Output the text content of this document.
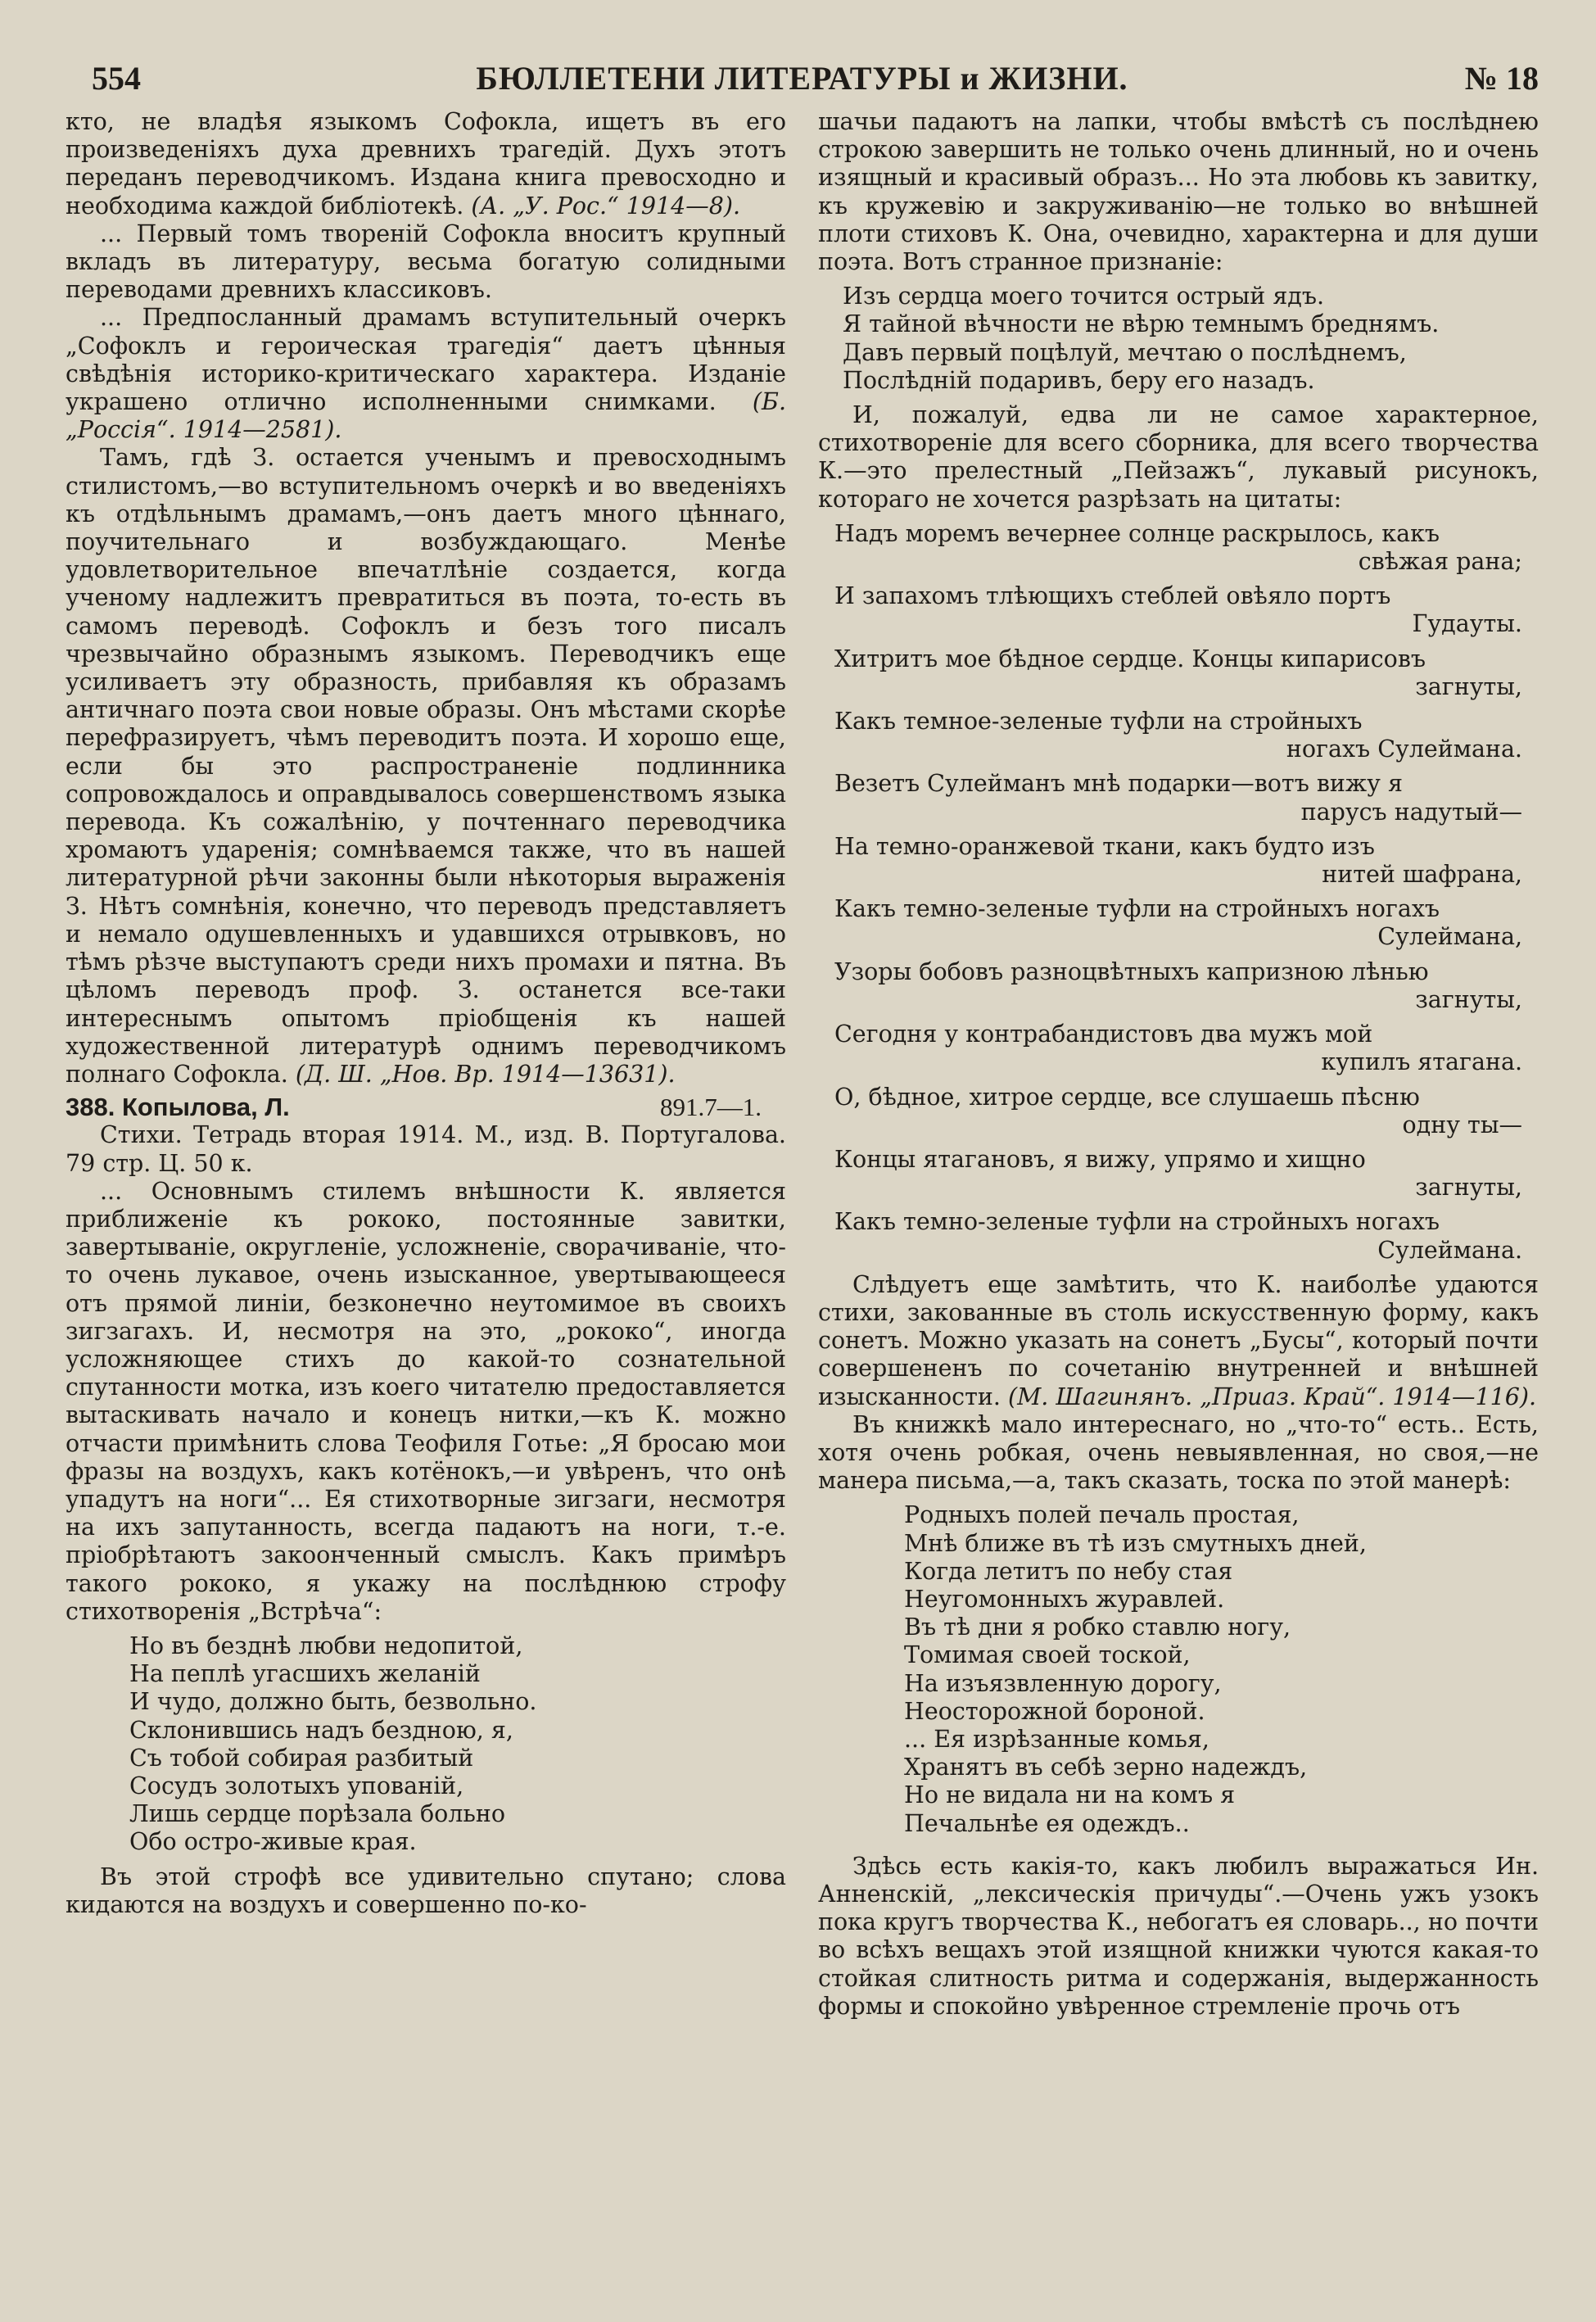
554	БЮЛЛЕТЕНИ ЛИТЕРАТУРЫ и ЖИЗНИ.	№ 18

кто, не владѣя языкомъ Софокла, ищетъ въ его произведеніяхъ духа древнихъ трагедій. Духъ этотъ переданъ переводчикомъ. Издана книга превосходно и необходима каждой библіотекѣ. (А. „У. Рос.“ 1914—8).

... Первый томъ твореній Софокла вноситъ крупный вкладъ въ литературу, весьма богатую солидными переводами древнихъ классиковъ.

... Предпосланный драмамъ вступительный очеркъ „Софоклъ и героическая трагедія“ даетъ цѣнныя свѣдѣнія историко-критическаго характера. Изданіе украшено отлично исполненными снимками. (Б. „Россія“. 1914—2581).

Тамъ, гдѣ З. остается ученымъ и превосходнымъ стилистомъ,—во вступительномъ очеркѣ и во введеніяхъ къ отдѣльнымъ драмамъ,—онъ даетъ много цѣннаго, поучительнаго и возбуждающаго. Менѣе удовлетворительное впечатлѣніе создается, когда ученому надлежитъ превратиться въ поэта, то-есть въ самомъ переводѣ. Софоклъ и безъ того писалъ чрезвычайно образнымъ языкомъ. Переводчикъ еще усиливаетъ эту образность, прибавляя къ образамъ античнаго поэта свои новые образы. Онъ мѣстами скорѣе перефразируетъ, чѣмъ переводитъ поэта. И хорошо еще, если бы это распространеніе подлинника сопровождалось и оправдывалось совершенствомъ языка перевода. Къ сожалѣнію, у почтеннаго переводчика хромаютъ ударенія; сомнѣваемся также, что въ нашей литературной рѣчи законны были нѣкоторыя выраженія З. Нѣтъ сомнѣнія, конечно, что переводъ представляетъ и немало одушевленныхъ и удавшихся отрывковъ, но тѣмъ рѣзче выступаютъ среди нихъ промахи и пятна. Въ цѣломъ переводъ проф. З. останется все-таки интереснымъ опытомъ пріобщенія къ нашей художественной литературѣ однимъ переводчикомъ полнаго Софокла. (Д. Ш. „Нов. Вр. 1914—13631).

388. Копылова, Л.	891.7—1.

Стихи. Тетрадь вторая 1914. М., изд. В. Португалова. 79 стр. Ц. 50 к.

... Основнымъ стилемъ внѣшности К. является приближеніе къ рококо, постоянные завитки, завертываніе, округленіе, усложненіе, сворачиваніе, что-то очень лукавое, очень изысканное, увертывающееся отъ прямой линіи, безконечно неутомимое въ своихъ зигзагахъ. И, несмотря на это, „рококо“, иногда усложняющее стихъ до какой-то сознательной спутанности мотка, изъ коего читателю предоставляется вытаскивать начало и конецъ нитки,—къ К. можно отчасти примѣнить слова Теофиля Готье: „Я бросаю мои фразы на воздухъ, какъ котёнокъ,—и увѣренъ, что онѣ упадутъ на ноги“... Ея стихотворные зигзаги, несмотря на ихъ запутанность, всегда падаютъ на ноги, т.-е. пріобрѣтаютъ закоонченный смыслъ. Какъ примѣръ такого рококо, я укажу на послѣднюю строфу стихотворенія „Встрѣча“:

Но въ безднѣ любви недопитой,
На пеплѣ угасшихъ желаній
И чудо, должно быть, безвольно.
Склонившись надъ бездною, я,
Съ тобой собирая разбитый
Сосудъ золотыхъ упованій,
Лишь сердце порѣзала больно
Обо остро-живые края.

Въ этой строфѣ все удивительно спутано; слова кидаются на воздухъ и совершенно по-ко-

шачьи падаютъ на лапки, чтобы вмѣстѣ съ послѣднею строкою завершить не только очень длинный, но и очень изящный и красивый образъ... Но эта любовь къ завитку, къ кружевію и закруживанію—не только во внѣшней плоти стиховъ К. Она, очевидно, характерна и для души поэта. Вотъ странное признаніе:

Изъ сердца моего точится острый ядъ.
Я тайной вѣчности не вѣрю темнымъ бреднямъ.
Давъ первый поцѣлуй, мечтаю о послѣднемъ,
Послѣдній подаривъ, беру его назадъ.

И, пожалуй, едва ли не самое характерное, стихотвореніе для всего сборника, для всего творчества К.—это прелестный „Пейзажъ“, лукавый рисунокъ, котораго не хочется разрѣзать на цитаты:

Надъ моремъ вечернее солнце раскрылось, какъ
свѣжая рана;
И запахомъ тлѣющихъ стеблей овѣяло портъ
Гудауты.
Хитритъ мое бѣдное сердце. Концы кипарисовъ
загнуты,
Какъ темное-зеленые туфли на стройныхъ
ногахъ Сулеймана.
Везетъ Сулейманъ мнѣ подарки—вотъ вижу я
парусъ надутый—
На темно-оранжевой ткани, какъ будто изъ
нитей шафрана,
Какъ темно-зеленые туфли на стройныхъ ногахъ
Сулеймана,
Узоры бобовъ разноцвѣтныхъ капризною лѣнью
загнуты,
Сегодня у контрабандистовъ два мужъ мой
купилъ ятагана.
О, бѣдное, хитрое сердце, все слушаешь пѣсню
одну ты—
Концы ятагановъ, я вижу, упрямо и хищно
загнуты,
Какъ темно-зеленые туфли на стройныхъ ногахъ
Сулеймана.

Слѣдуетъ еще замѣтить, что К. наиболѣе удаются стихи, закованные въ столь искусственную форму, какъ сонетъ. Можно указать на сонетъ „Бусы“, который почти совершененъ по сочетанію внутренней и внѣшней изысканности. (М. Шагинянъ. „Приаз. Край“. 1914—116).

Въ книжкѣ мало интереснаго, но „что-то“ есть.. Есть, хотя очень робкая, очень невыявленная, но своя,—не манера письма,—а, такъ сказать, тоска по этой манерѣ:

Родныхъ полей печаль простая,
Мнѣ ближе въ тѣ изъ смутныхъ дней,
Когда летитъ по небу стая
Неугомонныхъ журавлей.
Въ тѣ дни я робко ставлю ногу,
Томимая своей тоской,
На изъязвленную дорогу,
Неосторожной бороной.
... Ея изрѣзанные комья,
Хранятъ въ себѣ зерно надеждъ,
Но не видала ни на комъ я
Печальнѣе ея одеждъ..

Здѣсь есть какія-то, какъ любилъ выражаться Ин. Анненскій, „лексическія причуды“.—Очень ужъ узокъ пока кругъ творчества К., небогатъ ея словарь.., но почти во всѣхъ вещахъ этой изящной книжки чуются какая-то стойкая слитность ритма и содержанія, выдержанность формы и спокойно увѣренное стремленіе прочь отъ
